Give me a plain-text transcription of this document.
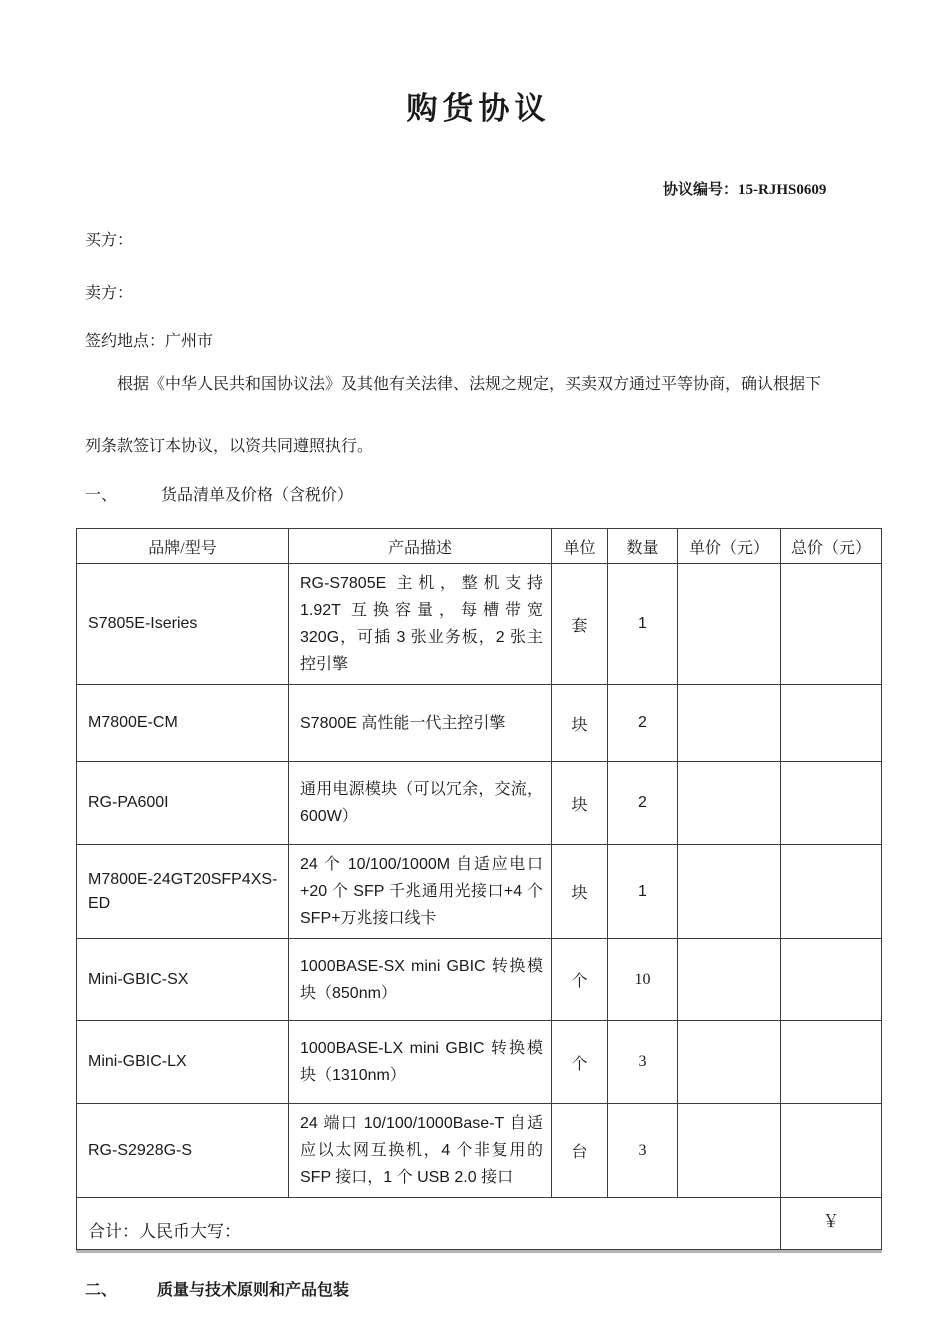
购货协议
协议编号：15-RJHS0609
买方：
卖方：
签约地点：广州市
根据《中华人民共和国协议法》及其他有关法律、法规之规定，买卖双方通过平等协商，确认根据下
列条款签订本协议，以资共同遵照执行。
一、	货品清单及价格（含税价）
品牌/型号	产品描述	单位	数量	单价（元）	总价（元）
S7805E-Iseries	RG-S7805E 主机，整机支持 1.92T 互换容量，每槽带宽 320G，可插 3 张业务板，2 张主控引擎	套	1		
M7800E-CM	S7800E 高性能一代主控引擎	块	2		
RG-PA600I	通用电源模块（可以冗余，交流，600W）	块	2		
M7800E-24GT20SFP4XS-ED	24 个 10/100/1000M 自适应电口+20 个 SFP 千兆通用光接口+4 个 SFP+万兆接口线卡	块	1		
Mini-GBIC-SX	1000BASE-SX mini GBIC 转换模块（850nm）	个	10		
Mini-GBIC-LX	1000BASE-LX mini GBIC 转换模块（1310nm）	个	3		
RG-S2928G-S	24 端口 10/100/1000Base-T 自适应以太网互换机，4 个非复用的 SFP 接口，1 个 USB 2.0 接口	台	3		
合计：人民币大写：					￥
二、 质量与技术原则和产品包装
